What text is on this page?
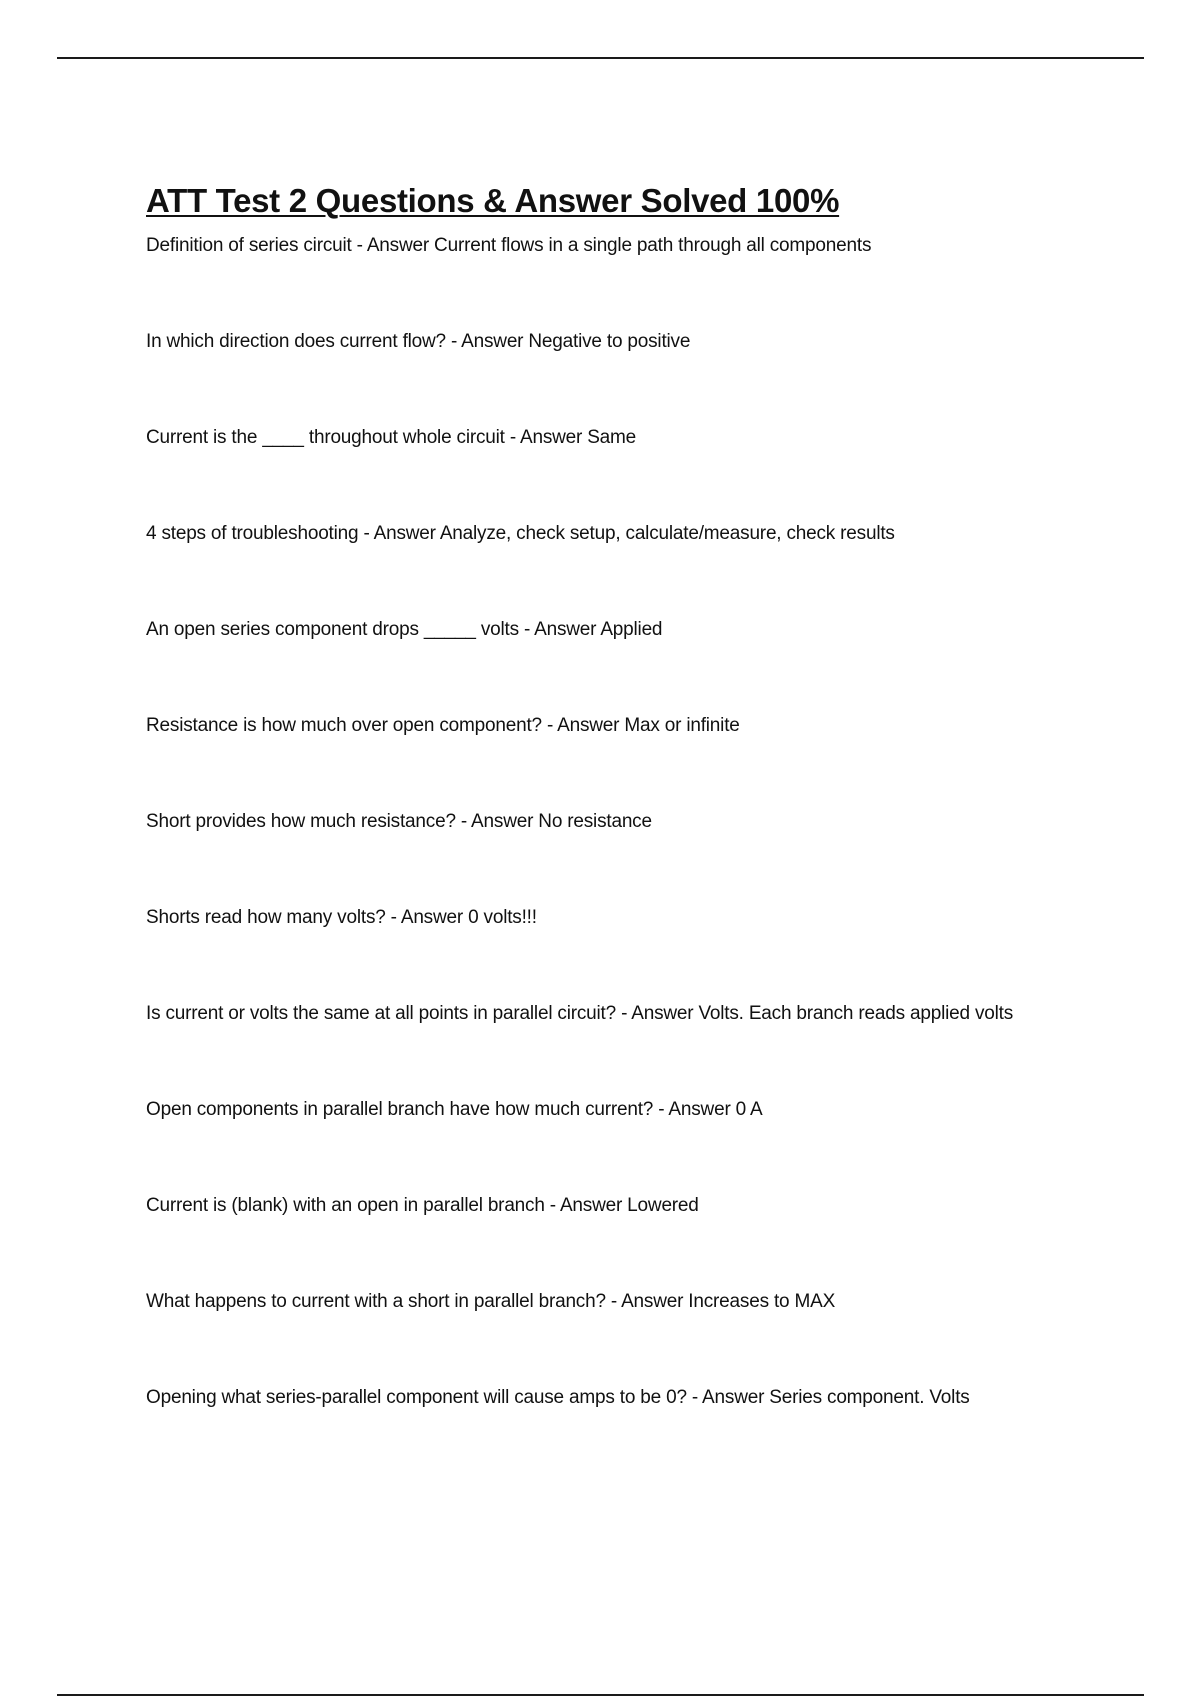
ATT Test 2 Questions & Answer Solved 100%
Definition of series circuit - Answer Current flows in a single path through all components
In which direction does current flow? - Answer Negative to positive
Current is the ____ throughout whole circuit - Answer Same
4 steps of troubleshooting - Answer Analyze, check setup, calculate/measure, check results
An open series component drops _____ volts - Answer Applied
Resistance is how much over open component? - Answer Max or infinite
Short provides how much resistance? - Answer No resistance
Shorts read how many volts? - Answer 0 volts!!!
Is current or volts the same at all points in parallel circuit? - Answer Volts. Each branch reads applied volts
Open components in parallel branch have how much current? - Answer 0 A
Current is (blank) with an open in parallel branch - Answer Lowered
What happens to current with a short in parallel branch? - Answer Increases to MAX
Opening what series-parallel component will cause amps to be 0? - Answer Series component. Volts
